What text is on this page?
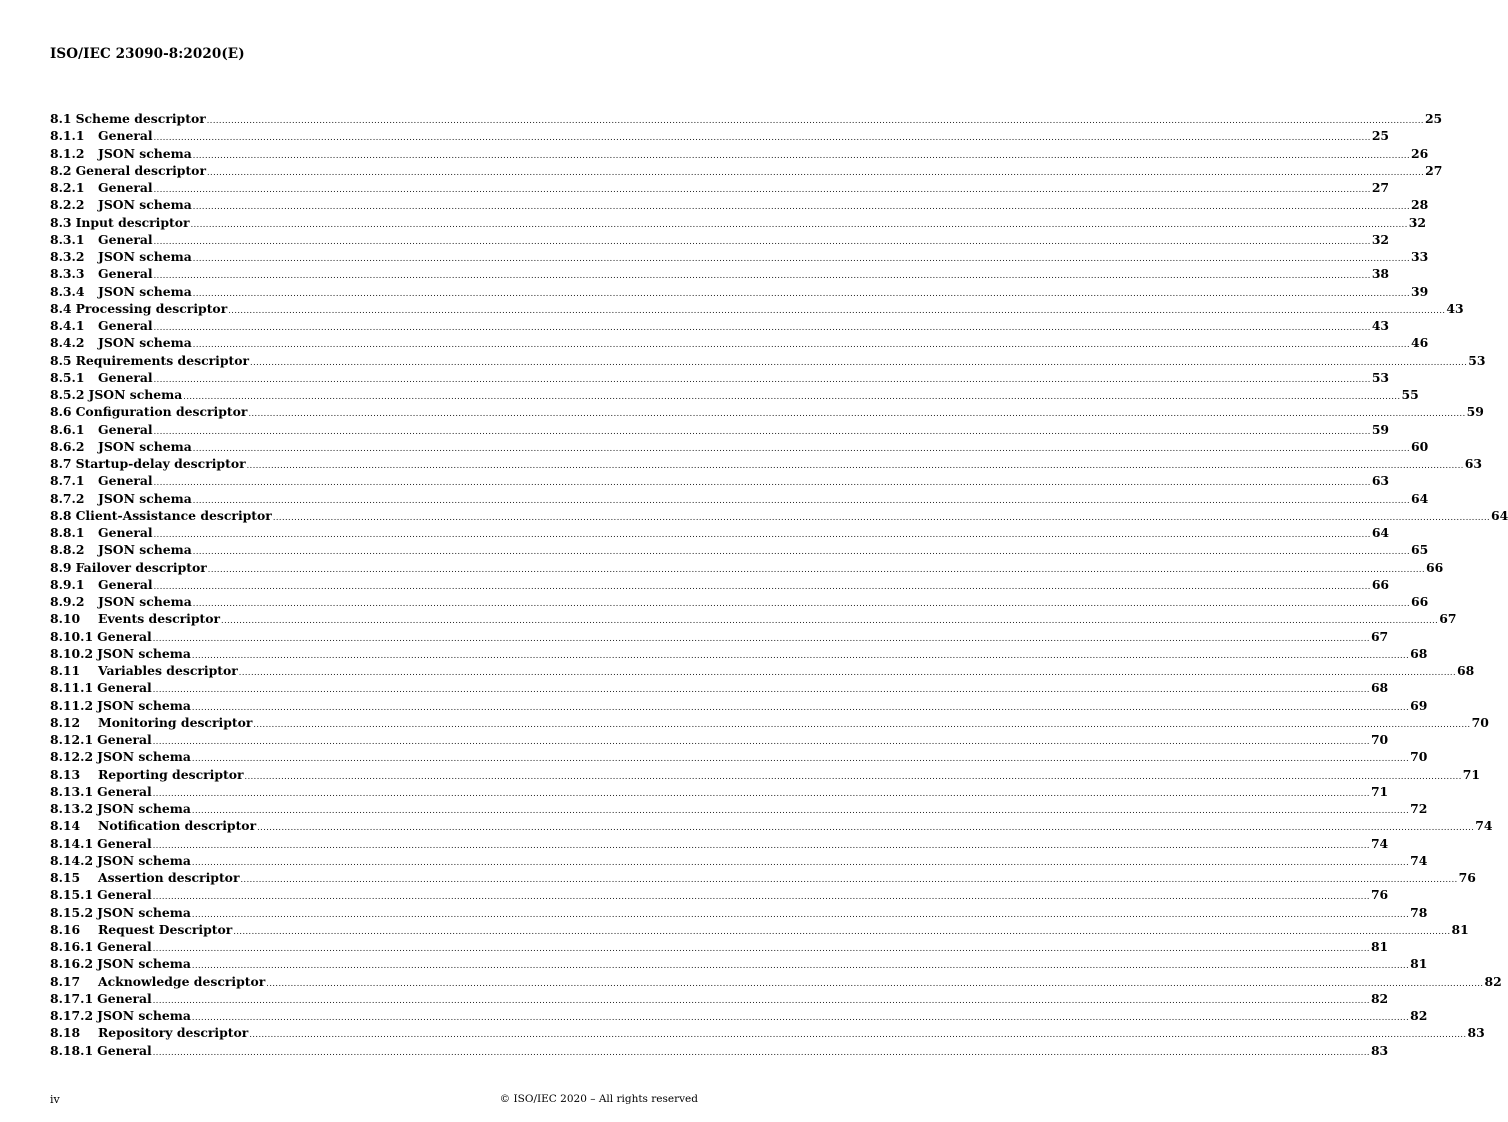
ISO/IEC 23090-8:2020(E)
8.1 Scheme descriptor ................................................................................................................................................................................................................................................................................................................................................................................................................ 25
8.1.1	General ................................................................................................................................................................................................................................................................................................................................................................................................................ 25
8.1.2	JSON schema ................................................................................................................................................................................................................................................................................................................................................................................................................ 26
8.2 General descriptor ................................................................................................................................................................................................................................................................................................................................................................................................................ 27
8.2.1	General ................................................................................................................................................................................................................................................................................................................................................................................................................ 27
8.2.2	JSON schema ................................................................................................................................................................................................................................................................................................................................................................................................................ 28
8.3 Input descriptor ................................................................................................................................................................................................................................................................................................................................................................................................................ 32
8.3.1	General ................................................................................................................................................................................................................................................................................................................................................................................................................ 32
8.3.2	JSON schema ................................................................................................................................................................................................................................................................................................................................................................................................................ 33
8.3.3	General ................................................................................................................................................................................................................................................................................................................................................................................................................ 38
8.3.4	JSON schema ................................................................................................................................................................................................................................................................................................................................................................................................................ 39
8.4 Processing descriptor ................................................................................................................................................................................................................................................................................................................................................................................................................ 43
8.4.1	General ................................................................................................................................................................................................................................................................................................................................................................................................................ 43
8.4.2	JSON schema ................................................................................................................................................................................................................................................................................................................................................................................................................ 46
8.5 Requirements descriptor ................................................................................................................................................................................................................................................................................................................................................................................................................ 53
8.5.1	General ................................................................................................................................................................................................................................................................................................................................................................................................................ 53
8.5.2 JSON schema ................................................................................................................................................................................................................................................................................................................................................................................................................ 55
8.6 Configuration descriptor ................................................................................................................................................................................................................................................................................................................................................................................................................ 59
8.6.1	General ................................................................................................................................................................................................................................................................................................................................................................................................................ 59
8.6.2	JSON schema ................................................................................................................................................................................................................................................................................................................................................................................................................ 60
8.7 Startup-delay descriptor ................................................................................................................................................................................................................................................................................................................................................................................................................ 63
8.7.1	General ................................................................................................................................................................................................................................................................................................................................................................................................................ 63
8.7.2	JSON schema ................................................................................................................................................................................................................................................................................................................................................................................................................ 64
8.8 Client-Assistance descriptor ................................................................................................................................................................................................................................................................................................................................................................................................................ 64
8.8.1	General ................................................................................................................................................................................................................................................................................................................................................................................................................ 64
8.8.2	JSON schema ................................................................................................................................................................................................................................................................................................................................................................................................................ 65
8.9 Failover descriptor ................................................................................................................................................................................................................................................................................................................................................................................................................ 66
8.9.1	General ................................................................................................................................................................................................................................................................................................................................................................................................................ 66
8.9.2	JSON schema ................................................................................................................................................................................................................................................................................................................................................................................................................ 66
8.10	Events descriptor ................................................................................................................................................................................................................................................................................................................................................................................................................ 67
8.10.1 General ................................................................................................................................................................................................................................................................................................................................................................................................................ 67
8.10.2 JSON schema ................................................................................................................................................................................................................................................................................................................................................................................................................ 68
8.11	Variables descriptor ................................................................................................................................................................................................................................................................................................................................................................................................................ 68
8.11.1 General ................................................................................................................................................................................................................................................................................................................................................................................................................ 68
8.11.2 JSON schema ................................................................................................................................................................................................................................................................................................................................................................................................................ 69
8.12	Monitoring descriptor ................................................................................................................................................................................................................................................................................................................................................................................................................ 70
8.12.1 General ................................................................................................................................................................................................................................................................................................................................................................................................................ 70
8.12.2 JSON schema ................................................................................................................................................................................................................................................................................................................................................................................................................ 70
8.13	Reporting descriptor ................................................................................................................................................................................................................................................................................................................................................................................................................ 71
8.13.1 General ................................................................................................................................................................................................................................................................................................................................................................................................................ 71
8.13.2 JSON schema ................................................................................................................................................................................................................................................................................................................................................................................................................ 72
8.14	Notification descriptor ................................................................................................................................................................................................................................................................................................................................................................................................................ 74
8.14.1 General ................................................................................................................................................................................................................................................................................................................................................................................................................ 74
8.14.2 JSON schema ................................................................................................................................................................................................................................................................................................................................................................................................................ 74
8.15	Assertion descriptor ................................................................................................................................................................................................................................................................................................................................................................................................................ 76
8.15.1 General ................................................................................................................................................................................................................................................................................................................................................................................................................ 76
8.15.2 JSON schema ................................................................................................................................................................................................................................................................................................................................................................................................................ 78
8.16	Request Descriptor ................................................................................................................................................................................................................................................................................................................................................................................................................ 81
8.16.1 General ................................................................................................................................................................................................................................................................................................................................................................................................................ 81
8.16.2 JSON schema ................................................................................................................................................................................................................................................................................................................................................................................................................ 81
8.17	Acknowledge descriptor ................................................................................................................................................................................................................................................................................................................................................................................................................ 82
8.17.1 General ................................................................................................................................................................................................................................................................................................................................................................................................................ 82
8.17.2 JSON schema ................................................................................................................................................................................................................................................................................................................................................................................................................ 82
8.18	Repository descriptor ................................................................................................................................................................................................................................................................................................................................................................................................................ 83
8.18.1 General ................................................................................................................................................................................................................................................................................................................................................................................................................ 83
iv	© ISO/IEC 2020 – All rights reserved
